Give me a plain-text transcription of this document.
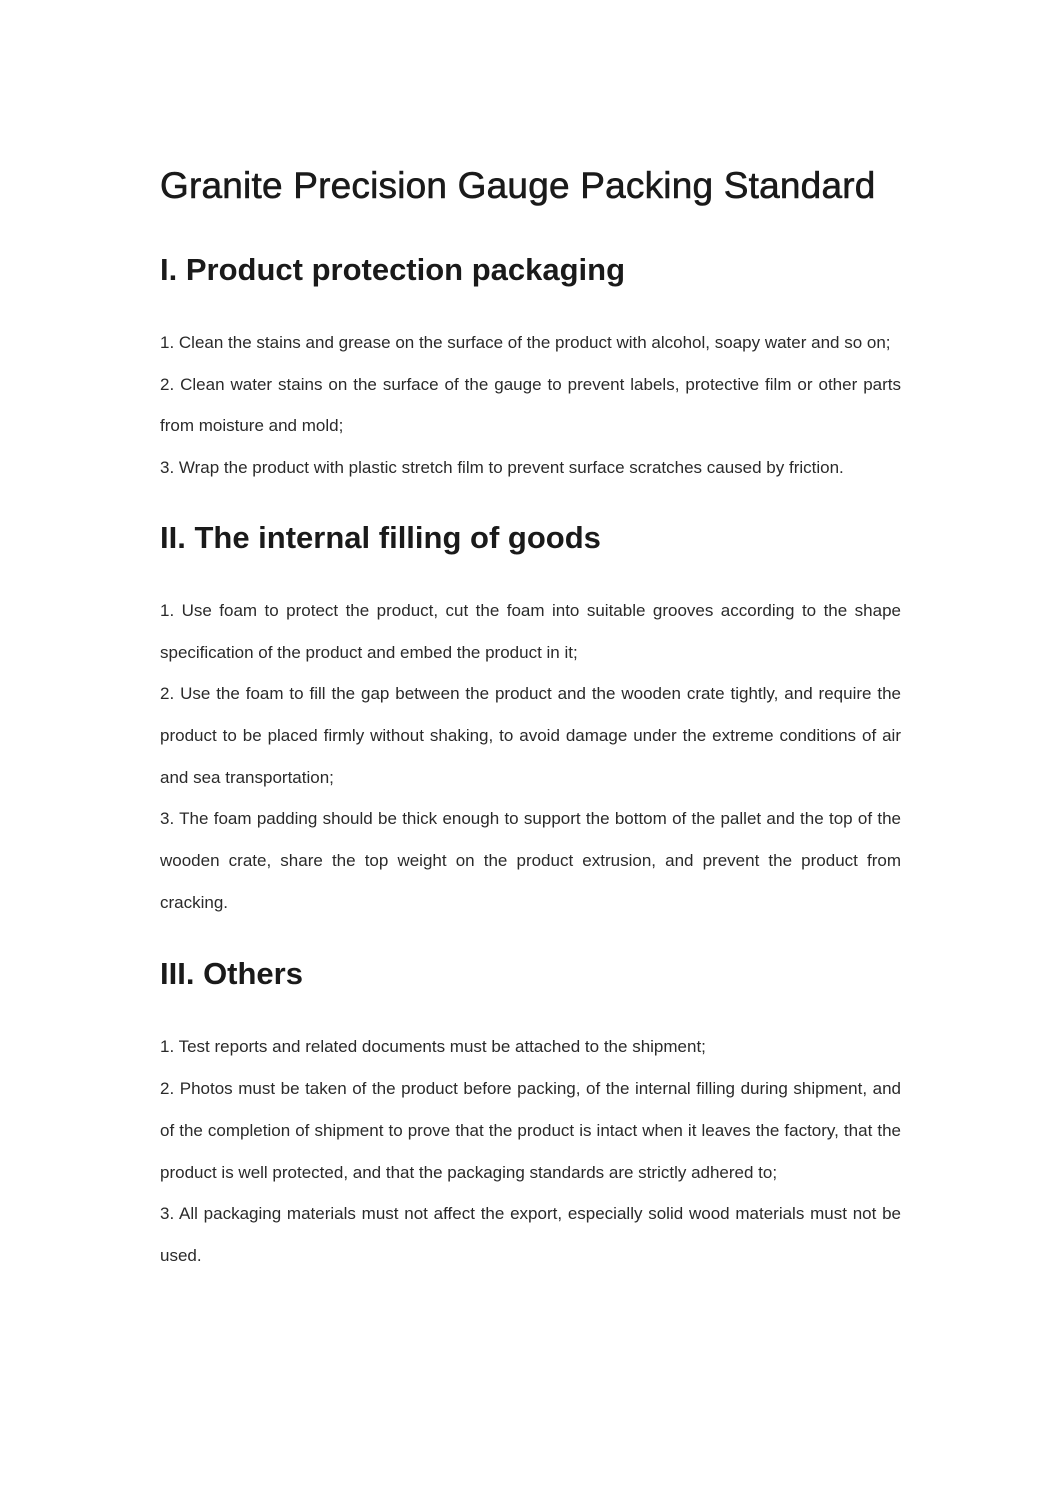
Granite Precision Gauge Packing Standard
I. Product protection packaging

1. Clean the stains and grease on the surface of the product with alcohol, soapy water and so on;

2. Clean water stains on the surface of the gauge to prevent labels, protective film or other parts from moisture and mold;

3. Wrap the product with plastic stretch film to prevent surface scratches caused by friction.

II. The internal filling of goods

1. Use foam to protect the product, cut the foam into suitable grooves according to the shape specification of the product and embed the product in it;

2. Use the foam to fill the gap between the product and the wooden crate tightly, and require the product to be placed firmly without shaking, to avoid damage under the extreme conditions of air and sea transportation;

3. The foam padding should be thick enough to support the bottom of the pallet and the top of the wooden crate, share the top weight on the product extrusion, and prevent the product from cracking.

III. Others

1. Test reports and related documents must be attached to the shipment;

2. Photos must be taken of the product before packing, of the internal filling during shipment, and of the completion of shipment to prove that the product is intact when it leaves the factory, that the product is well protected, and that the packaging standards are strictly adhered to;

3. All packaging materials must not affect the export, especially solid wood materials must not be used.
